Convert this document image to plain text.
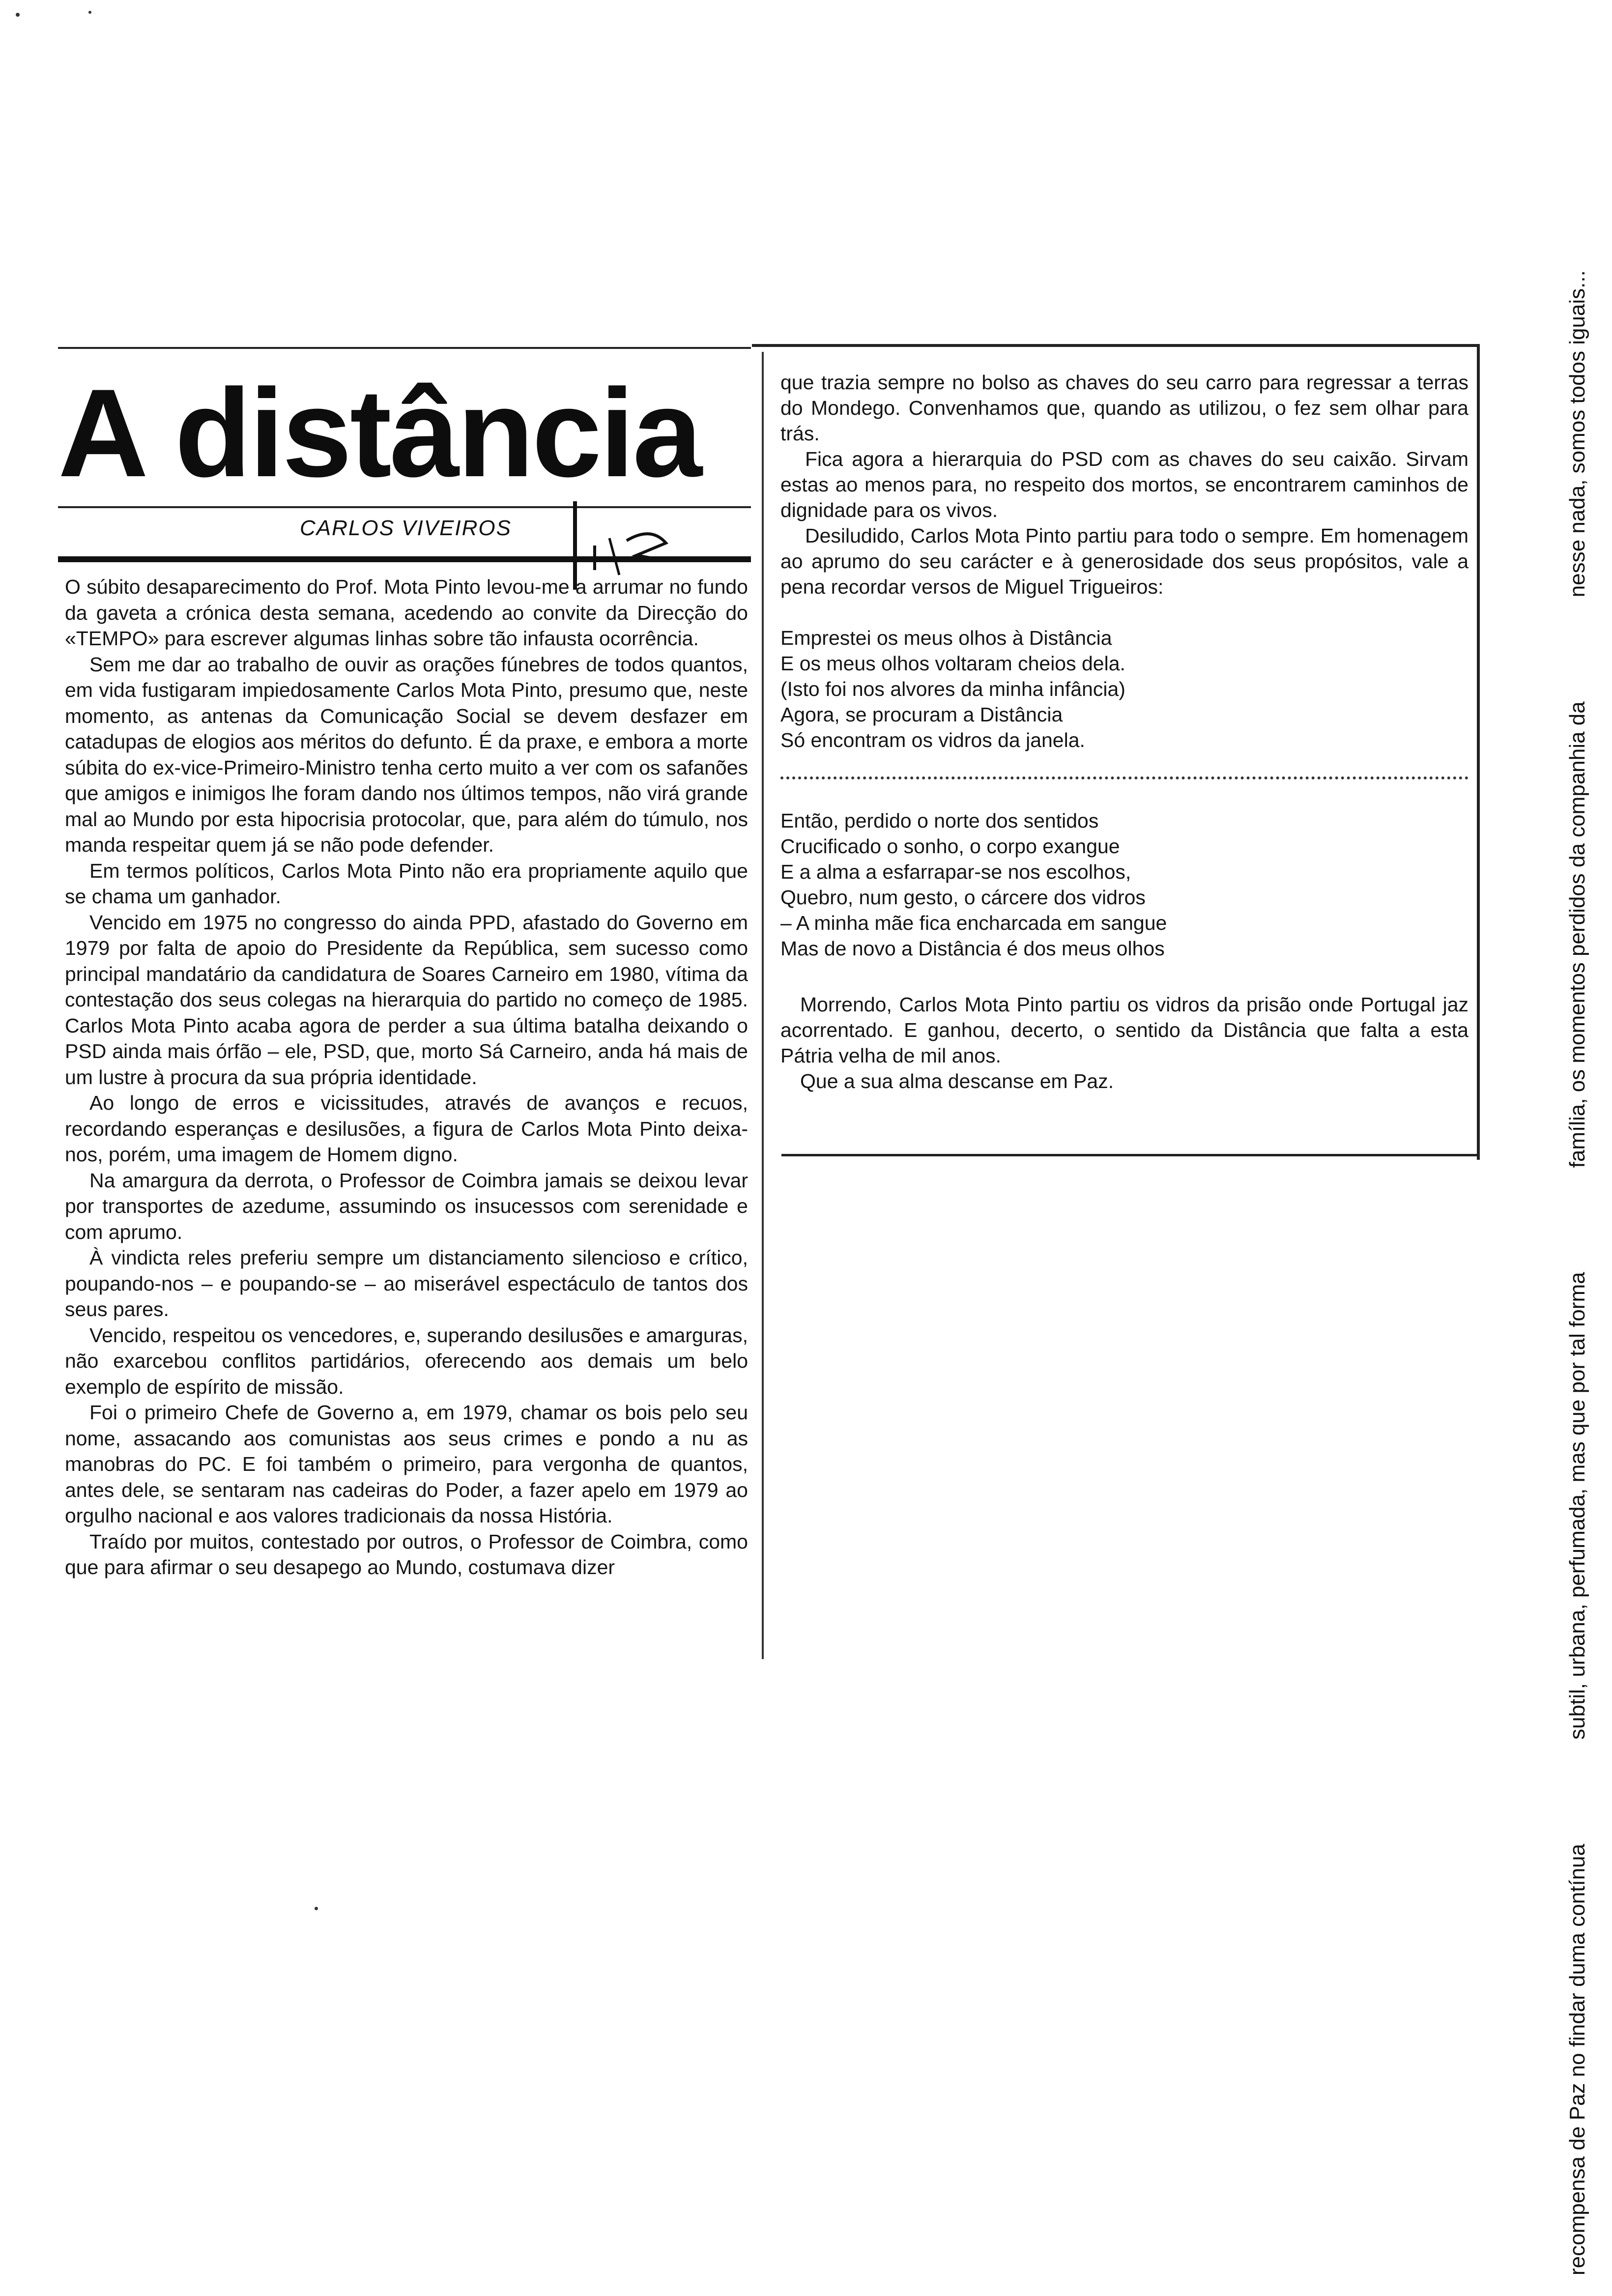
A distância
CARLOS VIVEIROS

O súbito desaparecimento do Prof. Mota Pinto levou-me a arrumar no fundo da gaveta a crónica desta semana, acedendo ao convite da Direcção do «TEMPO» para escrever algumas linhas sobre tão infausta ocorrência.

Sem me dar ao trabalho de ouvir as orações fúnebres de todos quantos, em vida fustigaram impiedosamente Carlos Mota Pinto, presumo que, neste momento, as antenas da Comunicação Social se devem desfazer em catadupas de elogios aos méritos do defunto. É da praxe, e embora a morte súbita do ex-vice-Primeiro-Ministro tenha certo muito a ver com os safanões que amigos e inimigos lhe foram dando nos últimos tempos, não virá grande mal ao Mundo por esta hipocrisia protocolar, que, para além do túmulo, nos manda respeitar quem já se não pode defender.

Em termos políticos, Carlos Mota Pinto não era propriamente aquilo que se chama um ganhador.

Vencido em 1975 no congresso do ainda PPD, afastado do Governo em 1979 por falta de apoio do Presidente da República, sem sucesso como principal mandatário da candidatura de Soares Carneiro em 1980, vítima da contestação dos seus colegas na hierarquia do partido no começo de 1985. Carlos Mota Pinto acaba agora de perder a sua última batalha deixando o PSD ainda mais órfão – ele, PSD, que, morto Sá Carneiro, anda há mais de um lustre à procura da sua própria identidade.

Ao longo de erros e vicissitudes, através de avanços e recuos, recordando esperanças e desilusões, a figura de Carlos Mota Pinto deixa-nos, porém, uma imagem de Homem digno.

Na amargura da derrota, o Professor de Coimbra jamais se deixou levar por transportes de azedume, assumindo os insucessos com serenidade e com aprumo.

À vindicta reles preferiu sempre um distanciamento silencioso e crítico, poupando-nos – e poupando-se – ao miserável espectáculo de tantos dos seus pares.

Vencido, respeitou os vencedores, e, superando desilusões e amarguras, não exarcebou conflitos partidários, oferecendo aos demais um belo exemplo de espírito de missão.

Foi o primeiro Chefe de Governo a, em 1979, chamar os bois pelo seu nome, assacando aos comunistas aos seus crimes e pondo a nu as manobras do PC. E foi também o primeiro, para vergonha de quantos, antes dele, se sentaram nas cadeiras do Poder, a fazer apelo em 1979 ao orgulho nacional e aos valores tradicionais da nossa História.

Traído por muitos, contestado por outros, o Professor de Coimbra, como que para afirmar o seu desapego ao Mundo, costumava dizer

que trazia sempre no bolso as chaves do seu carro para regressar a terras do Mondego. Convenhamos que, quando as utilizou, o fez sem olhar para trás.

Fica agora a hierarquia do PSD com as chaves do seu caixão. Sirvam estas ao menos para, no respeito dos mortos, se encontrarem caminhos de dignidade para os vivos.

Desiludido, Carlos Mota Pinto partiu para todo o sempre. Em homenagem ao aprumo do seu carácter e à generosidade dos seus propósitos, vale a pena recordar versos de Miguel Trigueiros:

Emprestei os meus olhos à Distância
E os meus olhos voltaram cheios dela.
(Isto foi nos alvores da minha infância)
Agora, se procuram a Distância
Só encontram os vidros da janela.
Então, perdido o norte dos sentidos
Crucificado o sonho, o corpo exangue
E a alma a esfarrapar-se nos escolhos,
Quebro, num gesto, o cárcere dos vidros
– A minha mãe fica encharcada em sangue
Mas de novo a Distância é dos meus olhos

Morrendo, Carlos Mota Pinto partiu os vidros da prisão onde Portugal jaz acorrentado. E ganhou, decerto, o sentido da Distância que falta a esta Pátria velha de mil anos.

Que a sua alma descanse em Paz.

recompensa de Paz no findar duma contínua
subtil, urbana, perfumada, mas que por tal forma
família, os momentos perdidos da companhia da
nesse nada, somos todos iguais...
